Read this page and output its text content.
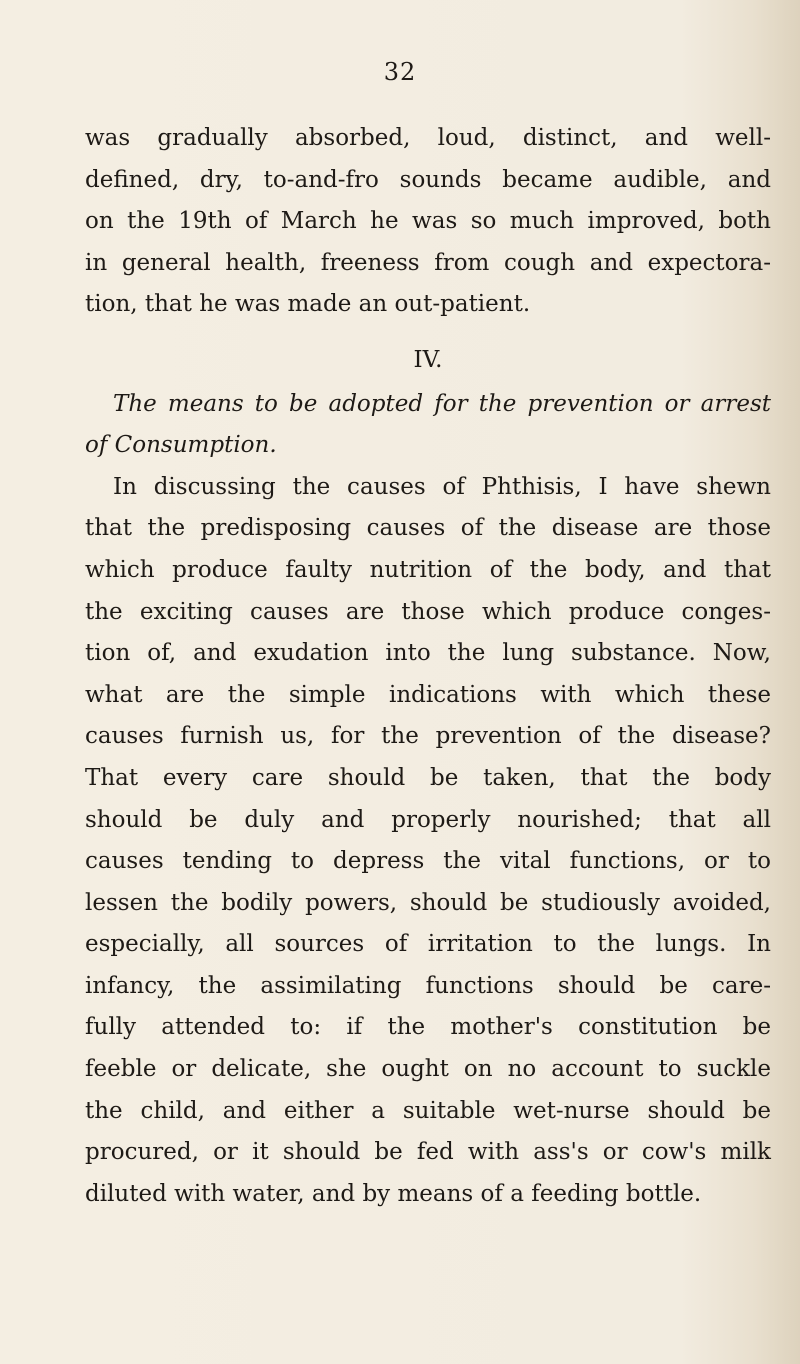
32
was gradually absorbed, loud, distinct, and well-
defined, dry, to-and-fro sounds became audible, and
on the 19th of March he was so much improved, both
in general health, freeness from cough and expectora-
tion, that he was made an out-patient.
IV.
The means to be adopted for the prevention or arrest
of Consumption.
In discussing the causes of Phthisis, I have shewn
that the predisposing causes of the disease are those
which produce faulty nutrition of the body, and that
the exciting causes are those which produce conges-
tion of, and exudation into the lung substance. Now,
what are the simple indications with which these
causes furnish us, for the prevention of the disease?
That every care should be taken, that the body
should be duly and properly nourished; that all
causes tending to depress the vital functions, or to
lessen the bodily powers, should be studiously avoided,
especially, all sources of irritation to the lungs. In
infancy, the assimilating functions should be care-
fully attended to: if the mother's constitution be
feeble or delicate, she ought on no account to suckle
the child, and either a suitable wet-nurse should be
procured, or it should be fed with ass's or cow's milk
diluted with water, and by means of a feeding bottle.
